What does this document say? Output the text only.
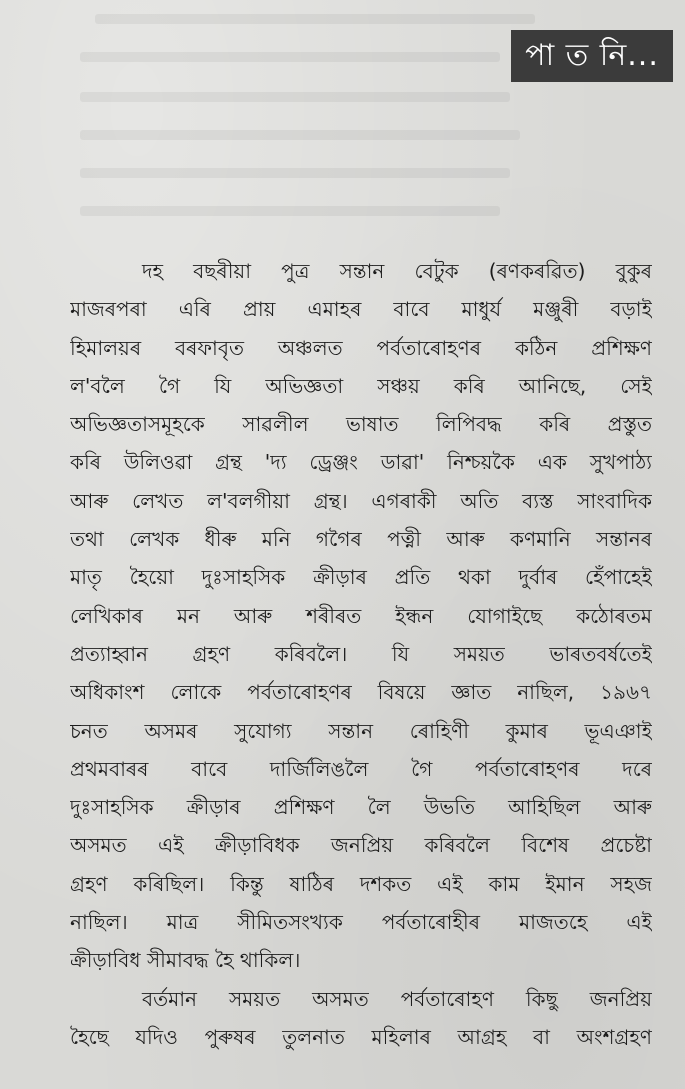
পা ত নি...

দহ বছৰীয়া পুত্ৰ সন্তান বেটুক (ৰণকৰৱিত) বুকুৰ
মাজৰপৰা এৰি প্ৰায় এমাহৰ বাবে মাধুৰ্য মঞ্জুৰী বড়াই
হিমালয়ৰ বৰফাবৃত অঞ্চলত পৰ্বতাৰোহণৰ কঠিন প্ৰশিক্ষণ
ল'বলৈ গৈ যি অভিজ্ঞতা সঞ্চয় কৰি আনিছে, সেই
অভিজ্ঞতাসমূহকে সাৱলীল ভাষাত লিপিবদ্ধ কৰি প্ৰস্তুত
কৰি উলিওৱা গ্ৰন্থ 'দ্য ড্ৰেঞ্জং ডাৱা' নিশ্চয়কৈ এক সুখপাঠ্য
আৰু লেখত ল'বলগীয়া গ্ৰন্থ। এগৰাকী অতি ব্যস্ত সাংবাদিক
তথা লেখক ধীৰু মনি গগৈৰ পত্নী আৰু কণমানি সন্তানৰ
মাতৃ হৈয়ো দুঃসাহসিক ক্ৰীড়াৰ প্ৰতি থকা দুৰ্বাৰ হেঁপাহেই
লেখিকাৰ মন আৰু শৰীৰত ইন্ধন যোগাইছে কঠোৰতম
প্ৰত্যাহ্বান গ্ৰহণ কৰিবলৈ। যি সময়ত ভাৰতবৰ্ষতেই
অধিকাংশ লোকে পৰ্বতাৰোহণৰ বিষয়ে জ্ঞাত নাছিল, ১৯৬৭
চনত অসমৰ সুযোগ্য সন্তান ৰোহিণী কুমাৰ ভূএঞাই
প্ৰথমবাৰৰ বাবে দাৰ্জিলিঙলৈ গৈ পৰ্বতাৰোহণৰ দৰে
দুঃসাহসিক ক্ৰীড়াৰ প্ৰশিক্ষণ লৈ উভতি আহিছিল আৰু
অসমত এই ক্ৰীড়াবিধক জনপ্ৰিয় কৰিবলৈ বিশেষ প্ৰচেষ্টা
গ্ৰহণ কৰিছিল। কিন্তু ষাঠিৰ দশকত এই কাম ইমান সহজ
নাছিল। মাত্ৰ সীমিতসংখ্যক পৰ্বতাৰোহীৰ মাজতহে এই
ক্ৰীড়াবিধ সীমাবদ্ধ হৈ থাকিল।

বৰ্তমান সময়ত অসমত পৰ্বতাৰোহণ কিছু জনপ্ৰিয়
হৈছে যদিও পুৰুষৰ তুলনাত মহিলাৰ আগ্ৰহ বা অংশগ্ৰহণ
